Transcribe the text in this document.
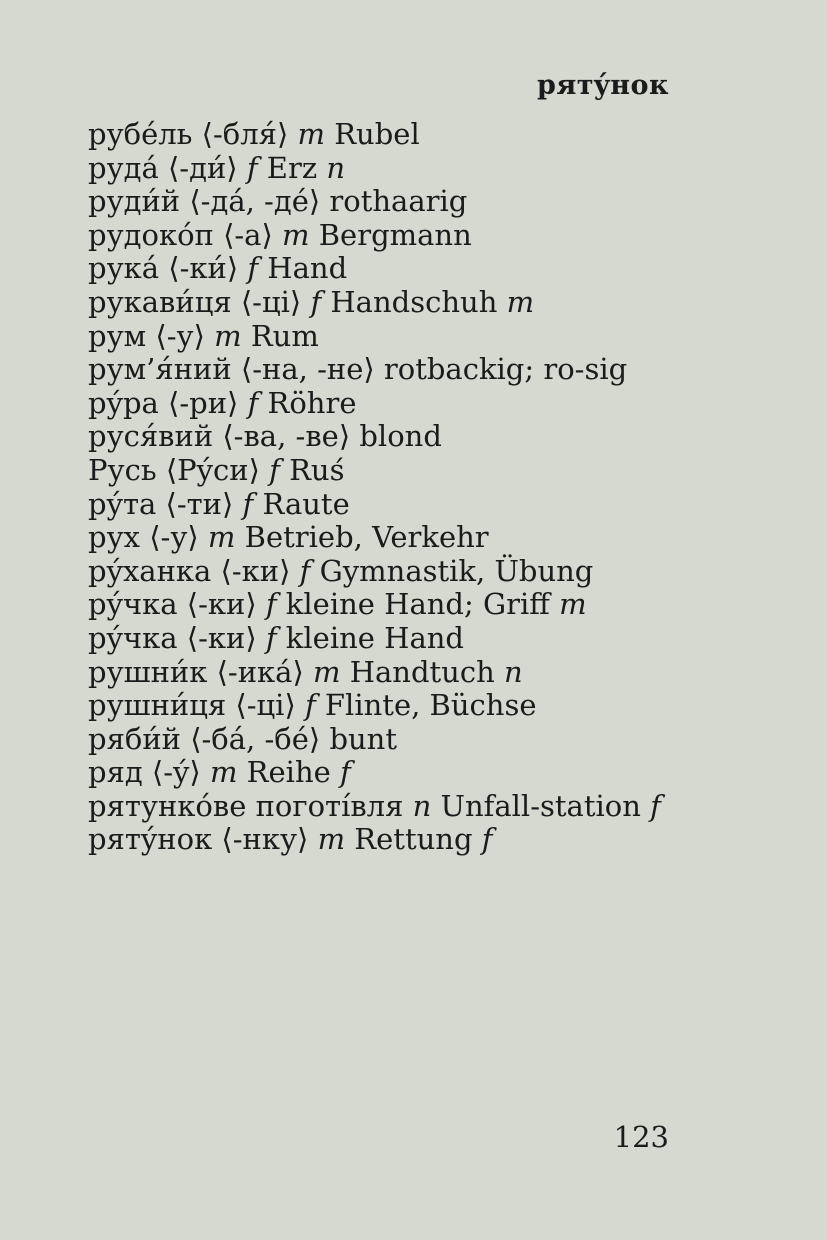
рятýнок
рубéль ⟨-бля́⟩ m Rubel
рудá ⟨-ди́⟩ f Erz n
руди́й ⟨-дá, -дé⟩ rothaarig
рудокóп ⟨-а⟩ m Bergmann
рукá ⟨-ки́⟩ f Hand
рукави́ця ⟨-ці⟩ f Handschuh m
рум ⟨-у⟩ m Rum
рум’я́ний ⟨-на, -не⟩ rotbackig; ro-sig
рýра ⟨-ри⟩ f Röhre
руся́вий ⟨-ва, -ве⟩ blond
Русь ⟨Рýси⟩ f Ruś
рýта ⟨-ти⟩ f Raute
рух ⟨-у⟩ m Betrieb, Verkehr
рýханка ⟨-ки⟩ f Gymnastik, Übung
рýчка ⟨-ки⟩ f kleine Hand; Griff m
рýчка ⟨-ки⟩ f kleine Hand
рушни́к ⟨-икá⟩ m Handtuch n
рушни́ця ⟨-ці⟩ f Flinte, Büchse
ряби́й ⟨-бá, -бé⟩ bunt
ряд ⟨-ý⟩ m Reihe f
рятункóве поготíвля n Unfall-station f
рятýнок ⟨-нку⟩ m Rettung f
123
